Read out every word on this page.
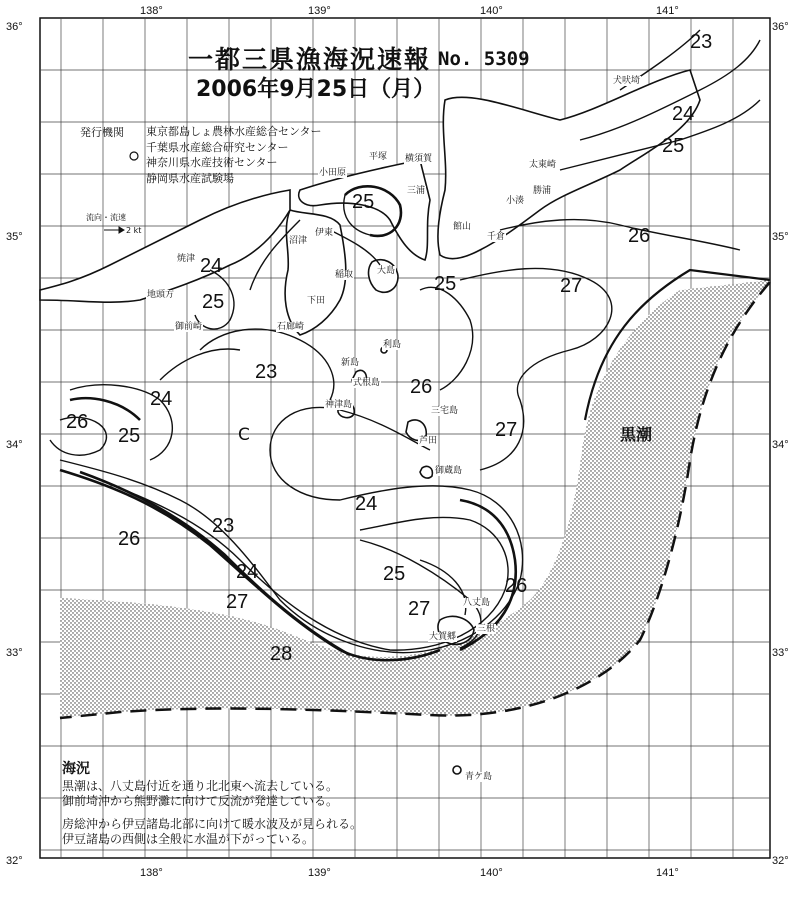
23
24
25
26
27
25
24
25
23
26
26
24
25	27
24
23
26
24
27
25
26
27
28
25
138°	139°	140°	141°
138°	139°	140°	141°
36°
35°
34°
33°
32°
36°
35°
34°
33°
32°
一都三県漁海況速報 No. 5309
2006年9月25日（月）
発行機関 東京都島しょ農林水産総合センター
千葉県水産総合研究センター
神奈川県水産技術センター
静岡県水産試験場
流向・流速
2 kt
黒潮
C
犬吠埼
太東崎
勝浦
小湊
千倉
館山
横須賀
平塚
小田原
三浦
沼津
伊東
稲取
下田
大島
焼津
地頭方
御前崎	石廊崎
新島
式根島
神津島
三宅島
御蔵島
八丈島
大賀郷
三根
青ケ島
利島
芦田
海況
黒潮は、八丈島付近を通り北北東へ流去している。
御前埼沖から熊野灘に向けて反流が発達している。
房総沖から伊豆諸島北部に向けて暖水波及が見られる。
伊豆諸島の西側は全般に水温が下がっている。
